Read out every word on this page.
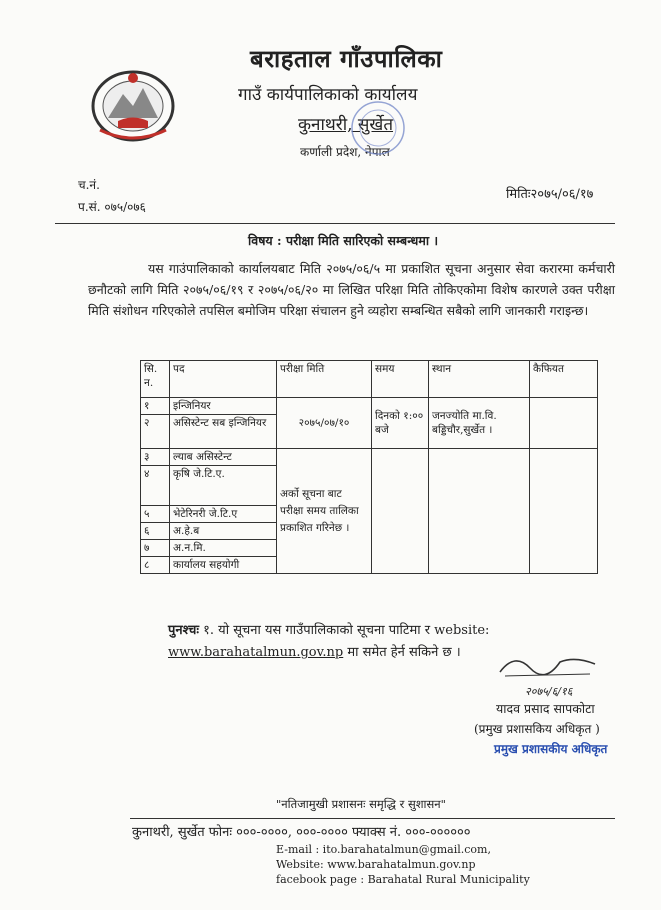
बराहताल गाँउपालिका
गाउँ कार्यपालिकाको कार्यालय
कुनाथरी, सुर्खेत
कर्णाली प्रदेश, नेपाल
च.नं.
प.सं. ०७५/०७६
मितिः२०७५/०६/१७
विषय : परीक्षा मिति सारिएको सम्बन्धमा ।
यस गाउंपालिकाको कार्यालयबाट मिति २०७५/०६/५ मा प्रकाशित सूचना अनुसार सेवा करारमा कर्मचारी छनौटको लागि मिति २०७५/०६/१९ र २०७५/०६/२० मा लिखित परिक्षा मिति तोकिएकोमा विशेष कारणले उक्त परीक्षा मिति संशोधन गरिएकोले तपसिल बमोजिम परिक्षा संचालन हुने व्यहोरा सम्बन्धित सबैको लागि जानकारी गराइन्छ।
सि. न.	पद	परीक्षा मिति	समय	स्थान	कैफियत
१	इन्जिनियर	२०७५/०७/१०	दिनको १:०० बजे	जनज्योति मा.वि. बड्डिचौर,सुर्खेत ।	
२	असिस्टेन्ट सब इन्जिनियर				
३	ल्याब असिस्टेन्ट	अर्को सूचना बाट परीक्षा समय तालिका प्रकाशित गरिनेछ ।			
४	कृषि जे.टि.ए.				
५	भेटेरिनरी जे.टि.ए				
६	अ.हे.ब				
७	अ.न.मि.				
८	कार्यालय सहयोगी				
पुनश्चः १. यो सूचना यस गाउँपालिकाको सूचना पाटिमा र website:
www.barahatalmun.gov.np मा समेत हेर्न सकिने छ ।
२०७५/६/१६
यादव प्रसाद सापकोटा
(प्रमुख प्रशासकिय अधिकृत )
प्रमुख प्रशासकीय अधिकृत
"नतिजामुखी प्रशासनः समृद्धि र सुशासन"
कुनाथरी, सुर्खेत फोनः ०००-००००, ०००-०००० फ्याक्स नं. ०००-००००००
E-mail : ito.barahatalmun@gmail.com,
Website: www.barahatalmun.gov.np
facebook page : Barahatal Rural Municipality
